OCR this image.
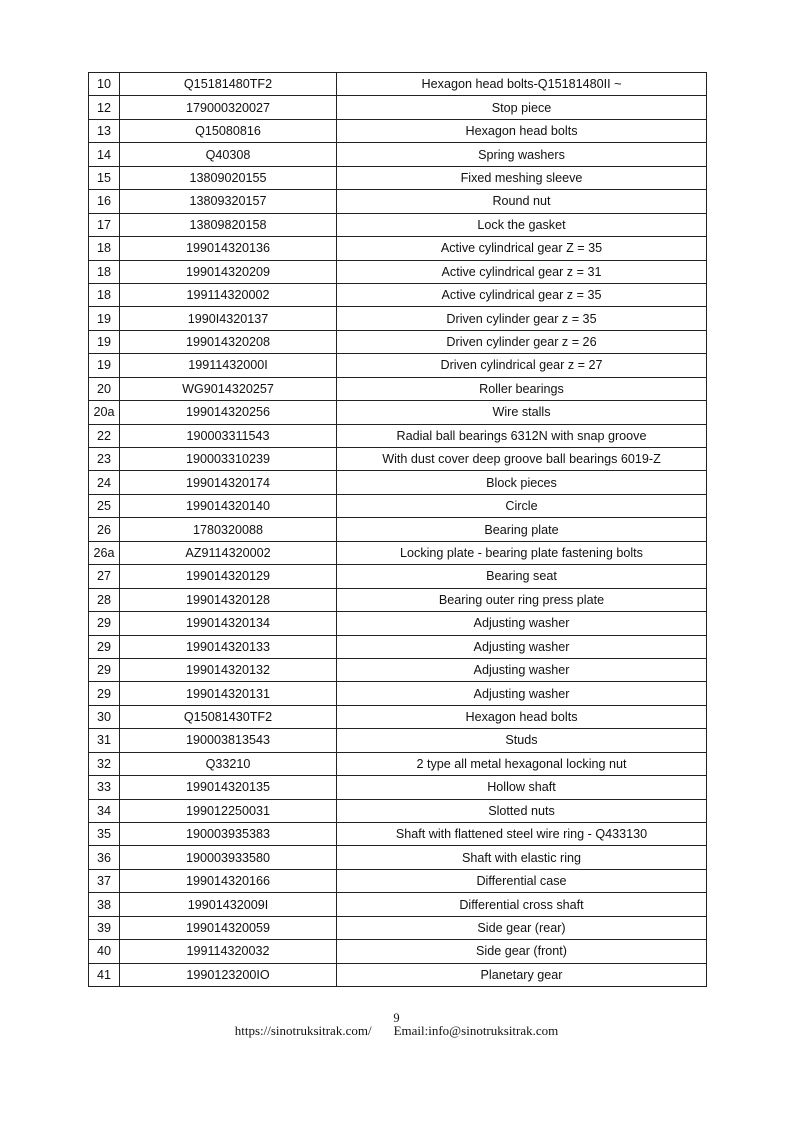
10	Q15181480TF2	Hexagon head bolts-Q15181480II ~
12	179000320027	Stop piece
13	Q15080816	Hexagon head bolts
14	Q40308	Spring washers
15	13809020155	Fixed meshing sleeve
16	13809320157	Round nut
17	13809820158	Lock the gasket
18	199014320136	Active cylindrical gear Z = 35
18	199014320209	Active cylindrical gear z = 31
18	199114320002	Active cylindrical gear z = 35
19	1990I4320137	Driven cylinder gear z = 35
19	199014320208	Driven cylinder gear z = 26
19	19911432000I	Driven cylindrical gear z = 27
20	WG9014320257	Roller bearings
20a	199014320256	Wire stalls
22	190003311543	Radial ball bearings 6312N with snap groove
23	190003310239	With dust cover deep groove ball bearings 6019-Z
24	199014320174	Block pieces
25	199014320140	Circle
26	1780320088	Bearing plate
26a	AZ9114320002	Locking plate - bearing plate fastening bolts
27	199014320129	Bearing seat
28	199014320128	Bearing outer ring press plate
29	199014320134	Adjusting washer
29	199014320133	Adjusting washer
29	199014320132	Adjusting washer
29	199014320131	Adjusting washer
30	Q15081430TF2	Hexagon head bolts
31	190003813543	Studs
32	Q33210	2 type all metal hexagonal locking nut
33	199014320135	Hollow shaft
34	199012250031	Slotted nuts
35	190003935383	Shaft with flattened steel wire ring - Q433130
36	190003933580	Shaft with elastic ring
37	199014320166	Differential case
38	19901432009I	Differential cross shaft
39	199014320059	Side gear (rear)
40	199114320032	Side gear (front)
41	1990123200IO	Planetary gear
9
https://sinotruksitrak.com/ Email:info@sinotruksitrak.com
